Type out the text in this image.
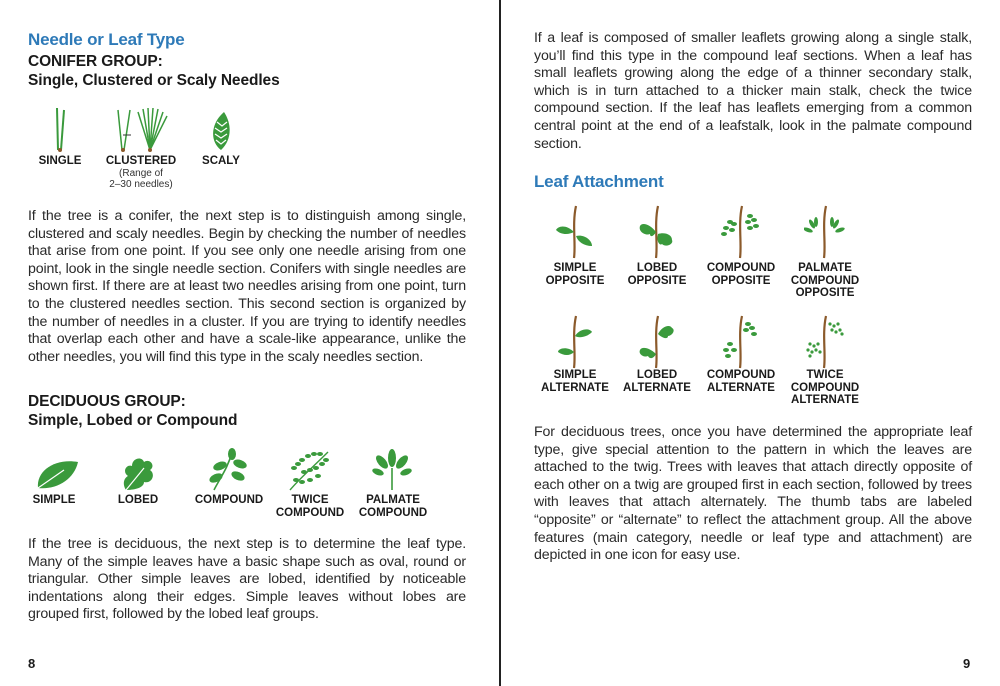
Needle or Leaf Type
CONIFER GROUP:
Single, Clustered or Scaly Needles
SINGLE	CLUSTERED
(Range of
2–30 needles)
SCALY
If the tree is a conifer, the next step is to distinguish among single, clustered and scaly needles. Begin by checking the number of needles that arise from one point. If you see only one needle arising from one point, look in the single needle section. Conifers with single needles are shown first. If there are at least two needles arising from one point, turn to the clustered needles section. This second section is organized by the number of needles in a cluster. If you are trying to identify needles that overlap each other and have a scale-like appearance, unlike the other needles, you will find this type in the scaly needles section.
DECIDUOUS GROUP:
Simple, Lobed or Compound
SIMPLE	LOBED	COMPOUND	TWICE
COMPOUND
PALMATE
COMPOUND
If the tree is deciduous, the next step is to determine the leaf type. Many of the simple leaves have a basic shape such as oval, round or triangular. Other simple leaves are lobed, identified by noticeable indentations along their edges. Simple leaves without lobes are grouped first, followed by the lobed leaf groups.
8
If a leaf is composed of smaller leaflets growing along a single stalk, you’ll find this type in the compound leaf sections. When a leaf has small leaflets growing along the edge of a thinner secondary stalk, which is in turn attached to a thicker main stalk, check the twice compound section. If the leaf has leaflets emerging from a common central point at the end of a leafstalk, look in the palmate compound section.
Leaf Attachment
SIMPLE
OPPOSITE
LOBED
OPPOSITE
COMPOUND
OPPOSITE
PALMATE
COMPOUND
OPPOSITE
SIMPLE
ALTERNATE
LOBED
ALTERNATE
COMPOUND
ALTERNATE
TWICE
COMPOUND
ALTERNATE
For deciduous trees, once you have determined the appropriate leaf type, give special attention to the pattern in which the leaves are attached to the twig. Trees with leaves that attach directly opposite of each other on a twig are grouped first in each section, followed by trees with leaves that attach alternately. The thumb tabs are labeled “opposite” or “alternate” to reflect the attachment group. All the above features (main category, needle or leaf type and attachment) are depicted in one icon for easy use.
9
